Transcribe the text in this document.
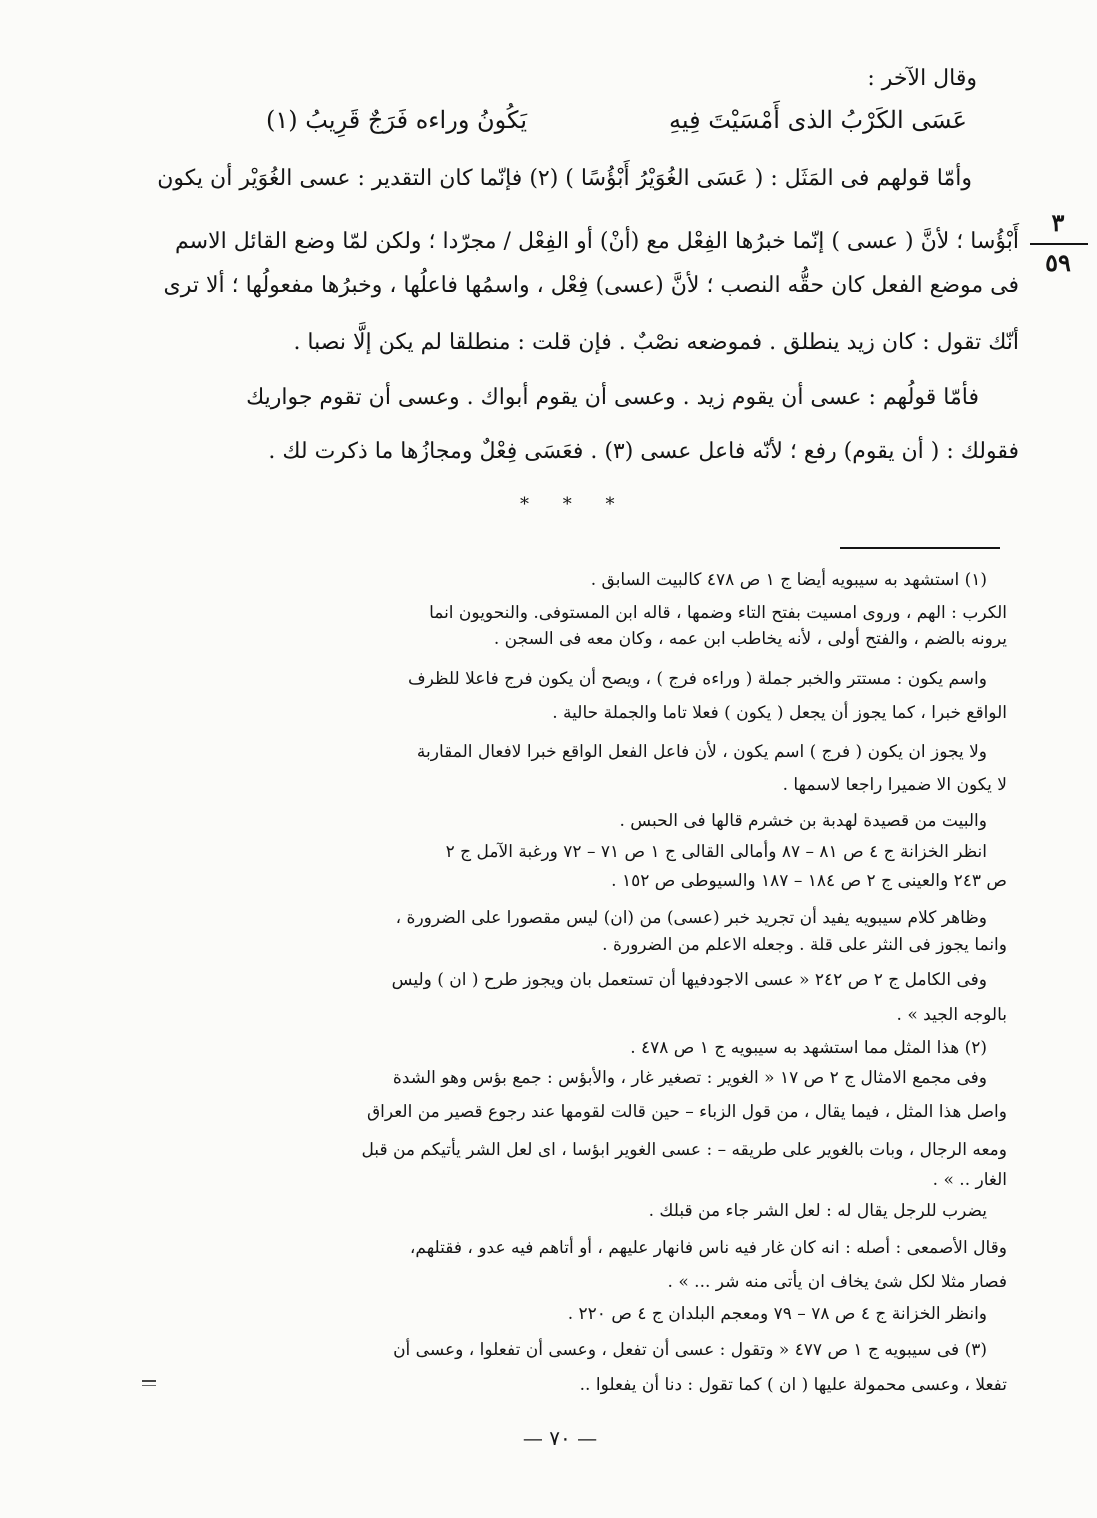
وقال الآخر :
عَسَى الكَرْبُ الذى أَمْسَيْتَ فِيهِ
يَكُونُ وراءه فَرَجٌ قَرِيبُ (١)
٣
٥٩
وأمّا قولهم فى المَثَل : ( عَسَى الغُوَيْرُ أَبْؤُسًا ) (٢) فإنّما كان التقدير : عسى الغُوَيْر أن يكون
أَبْؤُسا ؛ لأنَّ ( عسى ) إنّما خبرُها الفِعْل مع (أنْ) أو الفِعْل / مجرّدا ؛ ولكن لمّا وضع القائل الاسم
فى موضع الفعل كان حقُّه النصب ؛ لأنَّ (عسى) فِعْل ، واسمُها فاعلُها ، وخبرُها مفعولُها ؛ ألا ترى
أنّك تقول : كان زيد ينطلق . فموضعه نصْبٌ . فإن قلت : منطلقا لم يكن إلَّا نصبا .
فأمّا قولُهم : عسى أن يقوم زيد . وعسى أن يقوم أبواك . وعسى أن تقوم جواريك
فقولك : ( أن يقوم) رفع ؛ لأنّه فاعل عسى (٣) . فعَسَى فِعْلٌ ومجازُها ما ذكرت لك .
* * *
(١) استشهد به سيبويه أيضا ج ١ ص ٤٧٨ كالبيت السابق .
الكرب : الهم ، وروى امسيت بفتح التاء وضمها ، قاله ابن المستوفى. والنحويون انما
يرونه بالضم ، والفتح أولى ، لأنه يخاطب ابن عمه ، وكان معه فى السجن .
واسم يكون : مستتر والخبر جملة ( وراءه فرج ) ، ويصح أن يكون فرج فاعلا للظرف
الواقع خبرا ، كما يجوز أن يجعل ( يكون ) فعلا تاما والجملة حالية .
ولا يجوز ان يكون ( فرج ) اسم يكون ، لأن فاعل الفعل الواقع خبرا لافعال المقاربة
لا يكون الا ضميرا راجعا لاسمها .
والبيت من قصيدة لهدبة بن خشرم قالها فى الحبس .
انظر الخزانة ج ٤ ص ٨١ – ٨٧ وأمالى القالى ج ١ ص ٧١ – ٧٢ ورغبة الآمل ج ٢
ص ٢٤٣ والعينى ج ٢ ص ١٨٤ – ١٨٧ والسيوطى ص ١٥٢ .
وظاهر كلام سيبويه يفيد أن تجريد خبر (عسى) من (ان) ليس مقصورا على الضرورة ،
وانما يجوز فى النثر على قلة . وجعله الاعلم من الضرورة .
وفى الكامل ج ٢ ص ٢٤٢ « عسى الاجودفيها أن تستعمل بان ويجوز طرح ( ان ) وليس
بالوجه الجيد » .
(٢) هذا المثل مما استشهد به سيبويه ج ١ ص ٤٧٨ .
وفى مجمع الامثال ج ٢ ص ١٧ « الغوير : تصغير غار ، والأبؤس : جمع بؤس وهو الشدة
واصل هذا المثل ، فيما يقال ، من قول الزباء – حين قالت لقومها عند رجوع قصير من العراق
ومعه الرجال ، وبات بالغوير على طريقه – : عسى الغوير ابؤسا ، اى لعل الشر يأتيكم من قبل
الغار .. » .
يضرب للرجل يقال له : لعل الشر جاء من قبلك .
وقال الأصمعى : أصله : انه كان غار فيه ناس فانهار عليهم ، أو أتاهم فيه عدو ، فقتلهم،
فصار مثلا لكل شئ يخاف ان يأتى منه شر ... » .
وانظر الخزانة ج ٤ ص ٧٨ – ٧٩ ومعجم البلدان ج ٤ ص ٢٢٠ .
(٣) فى سيبويه ج ١ ص ٤٧٧ « وتقول : عسى أن تفعل ، وعسى أن تفعلوا ، وعسى أن
تفعلا ، وعسى محمولة عليها ( ان ) كما تقول : دنا أن يفعلوا ..
— ٧٠ —
